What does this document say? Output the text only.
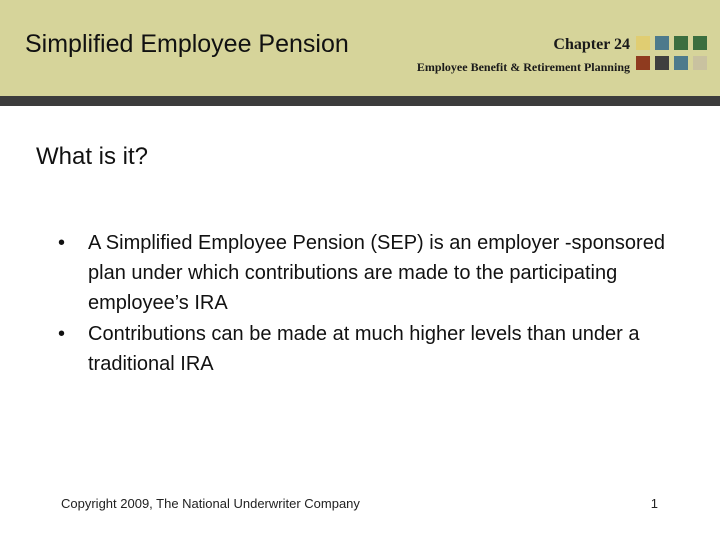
Simplified Employee Pension	Chapter 24
Employee Benefit & Retirement Planning
What is it?
• A Simplified Employee Pension (SEP) is an employer -sponsored plan under which contributions are made to the participating employee’s IRA
• Contributions can be made at much higher levels than under a traditional IRA
Copyright 2009, The National Underwriter Company	1
